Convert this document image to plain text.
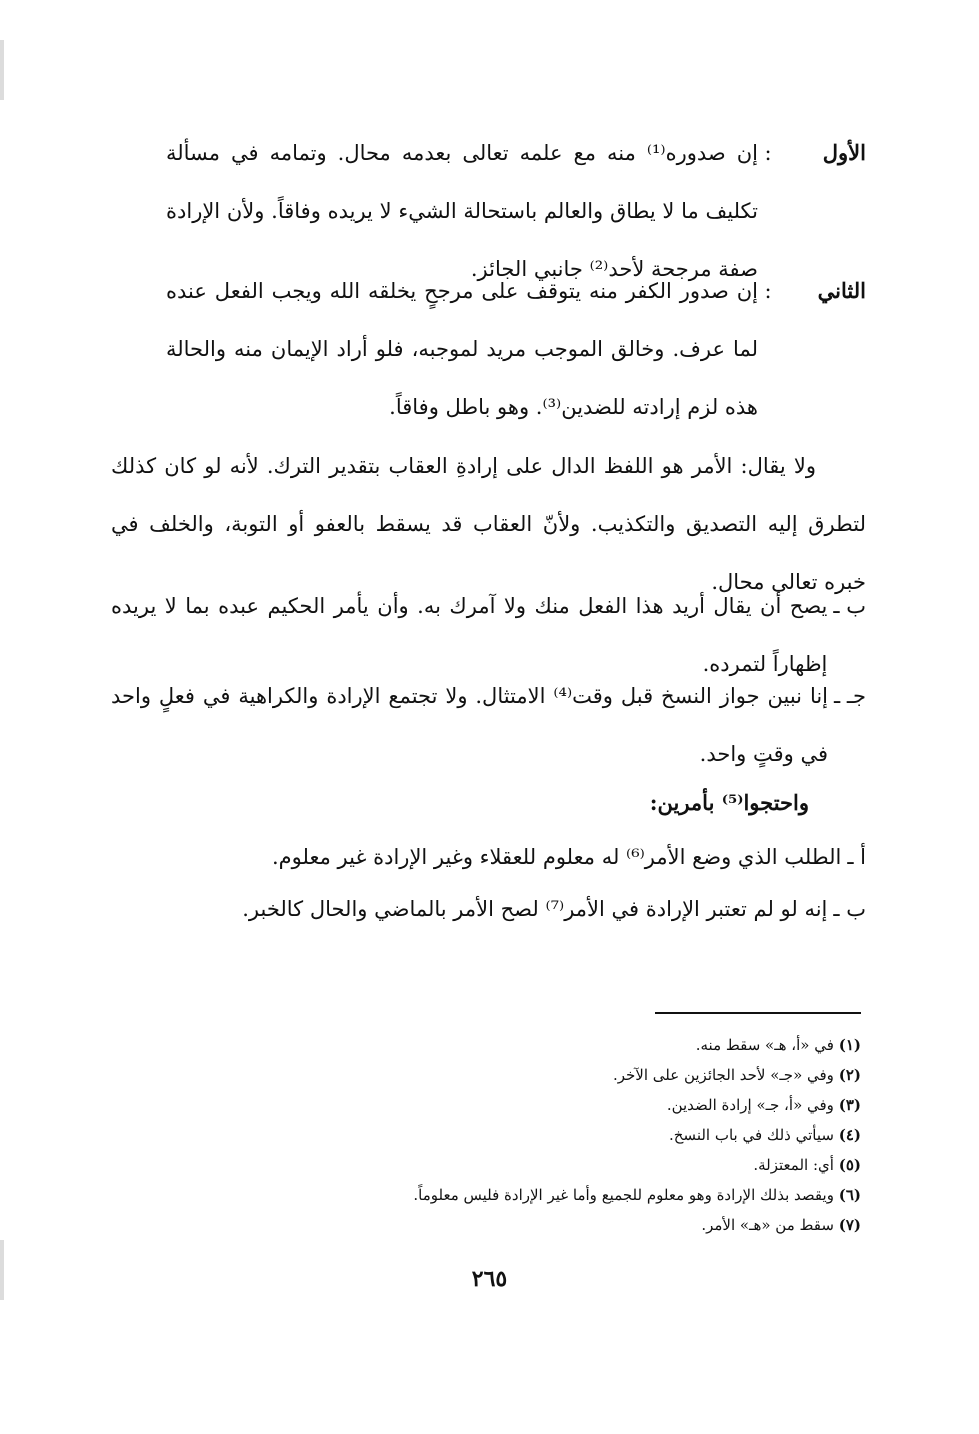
الأول
:
إن صدوره⁽¹⁾ منه مع علمه تعالى بعدمه محال. وتمامه في مسألة تكليف ما لا يطاق والعالم باستحالة الشيء لا يريده وفاقاً. ولأن الإرادة صفة مرجحة لأحد⁽²⁾ جانبي الجائز.
الثاني
:
إن صدور الكفر منه يتوقف على مرجحٍ يخلقه الله ويجب الفعل عنده لما عرف. وخالق الموجب مريد لموجبه، فلو أراد الإيمان منه والحالة هذه لزم إرادته للضدين⁽³⁾. وهو باطل وفاقاً.
ولا يقال: الأمر هو اللفظ الدال على إرادةِ العقاب بتقدير الترك. لأنه لو كان كذلك لتطرق إليه التصديق والتكذيب. ولأنّ العقاب قد يسقط بالعفو أو التوبة، والخلف في خبره تعالى محال.
ب ـ
يصح أن يقال أريد هذا الفعل منك ولا آمرك به. وأن يأمر الحكيم عبده بما لا يريده إظهاراً لتمرده.
جـ ـ
إنا نبين جواز النسخ قبل وقت⁽⁴⁾ الامتثال. ولا تجتمع الإرادة والكراهية في فعلٍ واحد في وقتٍ واحد.
واحتجوا⁽⁵⁾ بأمرين:
أ ـ
الطلب الذي وضع الأمر⁽⁶⁾ له معلوم للعقلاء وغير الإرادة غير معلوم.
ب ـ
إنه لو لم تعتبر الإرادة في الأمر⁽⁷⁾ لصح الأمر بالماضي والحال كالخبر.
(١) في «أ، هـ» سقط منه.
(٢) وفي «جـ» لأحد الجائزين على الآخر.
(٣) وفي «أ، جـ» إرادة الضدين.
(٤) سيأتي ذلك في باب النسخ.
(٥) أي: المعتزلة.
(٦) ويقصد بذلك الإرادة وهو معلوم للجميع وأما غير الإرادة فليس معلوماً.
(٧) سقط من «هـ» الأمر.
٢٦٥
